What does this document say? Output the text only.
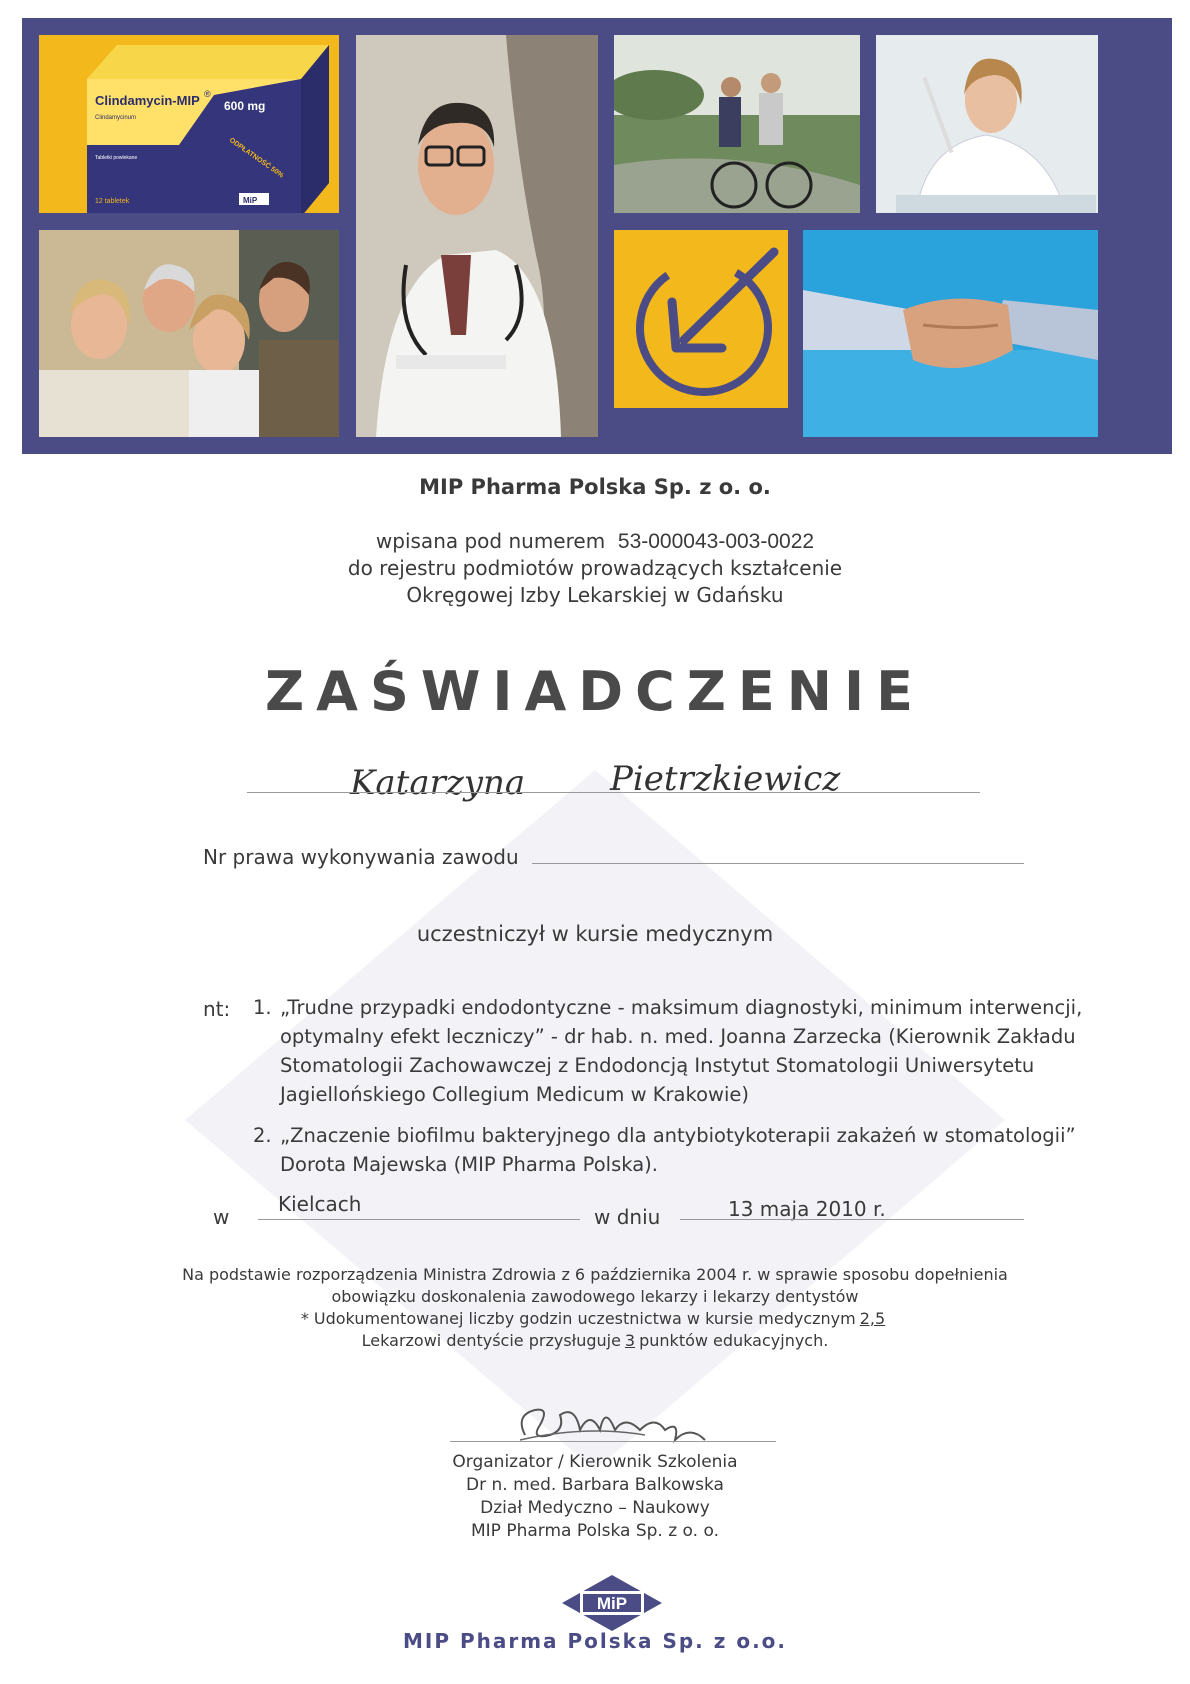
Clindamycin-MIP ®
600 mg
Clindamycinum
Tabletki powlekane	ODPŁATNOŚĆ 50%
12 tabletek	MiP
MIP Pharma Polska Sp. z o. o.
wpisana pod numerem 53-000043-003-0022
do rejestru podmiotów prowadzących kształcenie
Okręgowej Izby Lekarskiej w Gdańsku
ZAŚWIADCZENIE
Katarzyna Pietrzkiewicz
Nr prawa wykonywania zawodu
uczestniczył w kursie medycznym
nt: 1. „Trudne przypadki endodontyczne - maksimum diagnostyki, minimum interwencji, optymalny efekt leczniczy” - dr hab. n. med. Joanna Zarzecka (Kierownik Zakładu Stomatologii Zachowawczej z Endodoncją Instytut Stomatologii Uniwersytetu Jagiellońskiego Collegium Medicum w Krakowie)
2. „Znaczenie biofilmu bakteryjnego dla antybiotykoterapii zakażeń w stomatologii” Dorota Majewska (MIP Pharma Polska).
w
Kielcach
w dniu	13 maja 2010 r.
Na podstawie rozporządzenia Ministra Zdrowia z 6 października 2004 r. w sprawie sposobu dopełnienia
obowiązku doskonalenia zawodowego lekarzy i lekarzy dentystów
* Udokumentowanej liczby godzin uczestnictwa w kursie medycznym 2,5
Lekarzowi dentyście przysługuje 3 punktów edukacyjnych.
Organizator / Kierownik Szkolenia
Dr n. med. Barbara Balkowska
Dział Medyczno – Naukowy
MIP Pharma Polska Sp. z o. o.
MiP
MIP Pharma Polska Sp. z o.o.
